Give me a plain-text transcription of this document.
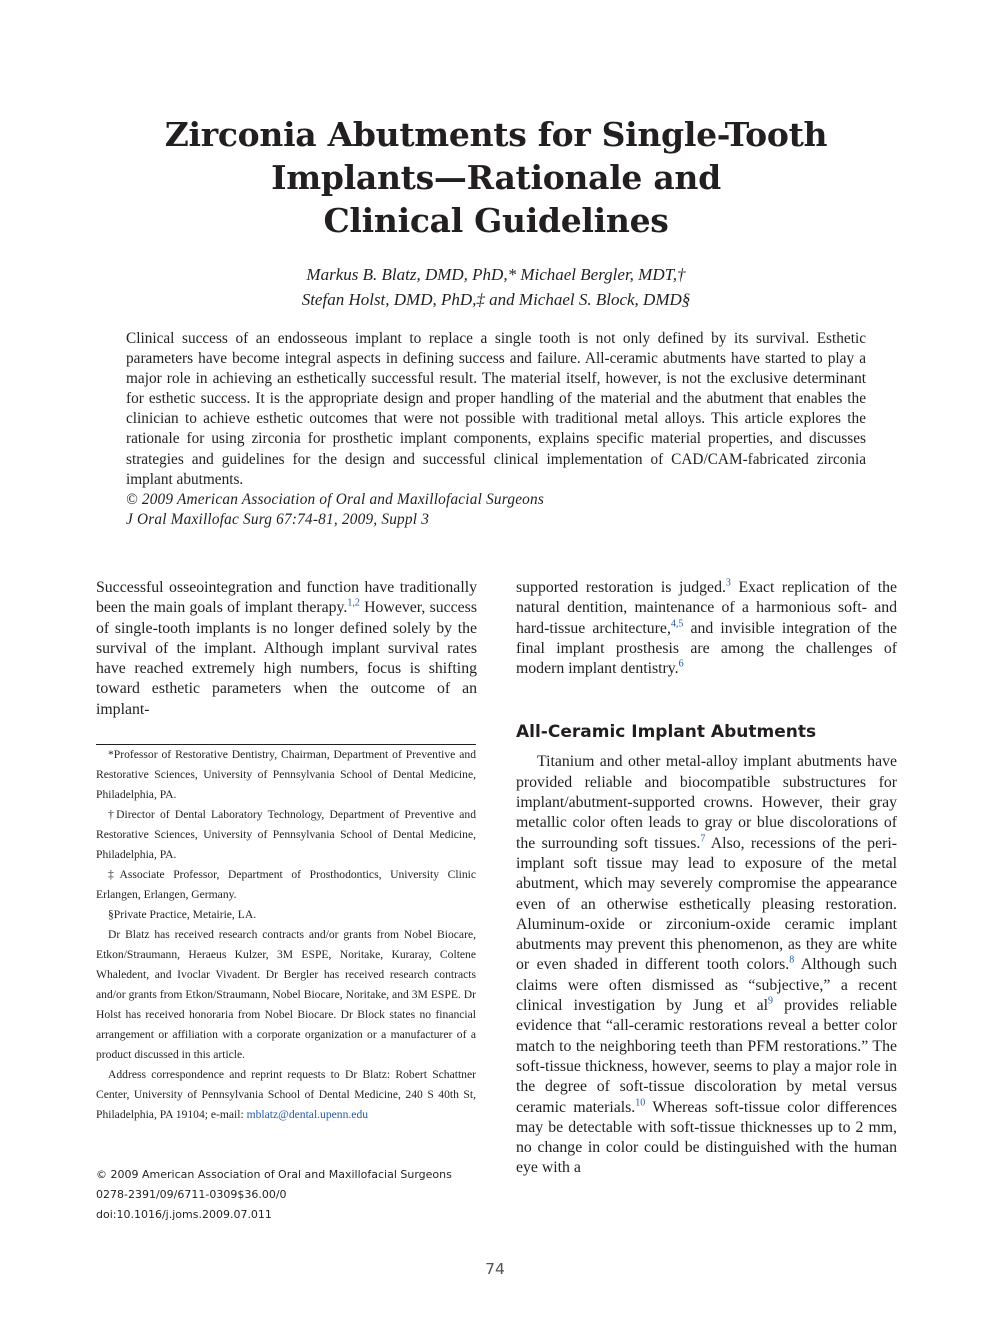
Zirconia Abutments for Single-Tooth
Implants—Rationale and
Clinical Guidelines
Markus B. Blatz, DMD, PhD,* Michael Bergler, MDT,†
Stefan Holst, DMD, PhD,‡ and Michael S. Block, DMD§

Clinical success of an endosseous implant to replace a single tooth is not only defined by its survival. Esthetic parameters have become integral aspects in defining success and failure. All-ceramic abutments have started to play a major role in achieving an esthetically successful result. The material itself, however, is not the exclusive determinant for esthetic success. It is the appropriate design and proper handling of the material and the abutment that enables the clinician to achieve esthetic outcomes that were not possible with traditional metal alloys. This article explores the rationale for using zirconia for prosthetic implant components, explains specific material properties, and discusses strategies and guidelines for the design and successful clinical implementation of CAD/CAM-fabricated zirconia implant abutments.

© 2009 American Association of Oral and Maxillofacial Surgeons

J Oral Maxillofac Surg 67:74-81, 2009, Suppl 3

Successful osseointegration and function have traditionally been the main goals of implant therapy.$^{1,2}$ However, success of single-tooth implants is no longer defined solely by the survival of the implant. Although implant survival rates have reached extremely high numbers, focus is shifting toward esthetic parameters when the outcome of an implant-

supported restoration is judged.$^3$ Exact replication of the natural dentition, maintenance of a harmonious soft- and hard-tissue architecture,$^{4,5}$ and invisible integration of the final implant prosthesis are among the challenges of modern implant dentistry.$^6$

All-Ceramic Implant Abutments

Titanium and other metal-alloy implant abutments have provided reliable and biocompatible substructures for implant/abutment-supported crowns. However, their gray metallic color often leads to gray or blue discolorations of the surrounding soft tissues.$^7$ Also, recessions of the peri-implant soft tissue may lead to exposure of the metal abutment, which may severely compromise the appearance even of an otherwise esthetically pleasing restoration. Aluminum-oxide or zirconium-oxide ceramic implant abutments may prevent this phenomenon, as they are white or even shaded in different tooth colors.$^8$ Although such claims were often dismissed as “subjective,” a recent clinical investigation by Jung et $al^9$ provides reliable evidence that “all-ceramic restorations reveal a better color match to the neighboring teeth than PFM restorations.” The soft-tissue thickness, however, seems to play a major role in the degree of soft-tissue discoloration by metal versus ceramic materials.$^{10}$ Whereas soft-tissue color differences may be detectable with soft-tissue thicknesses up to 2 mm, no change in color could be distinguished with the human eye with a

*Professor of Restorative Dentistry, Chairman, Department of Preventive and Restorative Sciences, University of Pennsylvania School of Dental Medicine, Philadelphia, PA.

†Director of Dental Laboratory Technology, Department of Preventive and Restorative Sciences, University of Pennsylvania School of Dental Medicine, Philadelphia, PA.

‡Associate Professor, Department of Prosthodontics, University Clinic Erlangen, Erlangen, Germany.

§Private Practice, Metairie, LA.

Dr Blatz has received research contracts and/or grants from Nobel Biocare, Etkon/Straumann, Heraeus Kulzer, 3M ESPE, Noritake, Kuraray, Coltene Whaledent, and Ivoclar Vivadent. Dr Bergler has received research contracts and/or grants from Etkon/Straumann, Nobel Biocare, Noritake, and 3M ESPE. Dr Holst has received honoraria from Nobel Biocare. Dr Block states no financial arrangement or affiliation with a corporate organization or a manufacturer of a product discussed in this article.

Address correspondence and reprint requests to Dr Blatz: Robert Schattner Center, University of Pennsylvania School of Dental Medicine, 240 S 40th St, Philadelphia, PA 19104; e-mail: mblatz@dental.upenn.edu

© 2009 American Association of Oral and Maxillofacial Surgeons
0278-2391/09/6711-0309$36.00/0
doi:10.1016/j.joms.2009.07.011
74
